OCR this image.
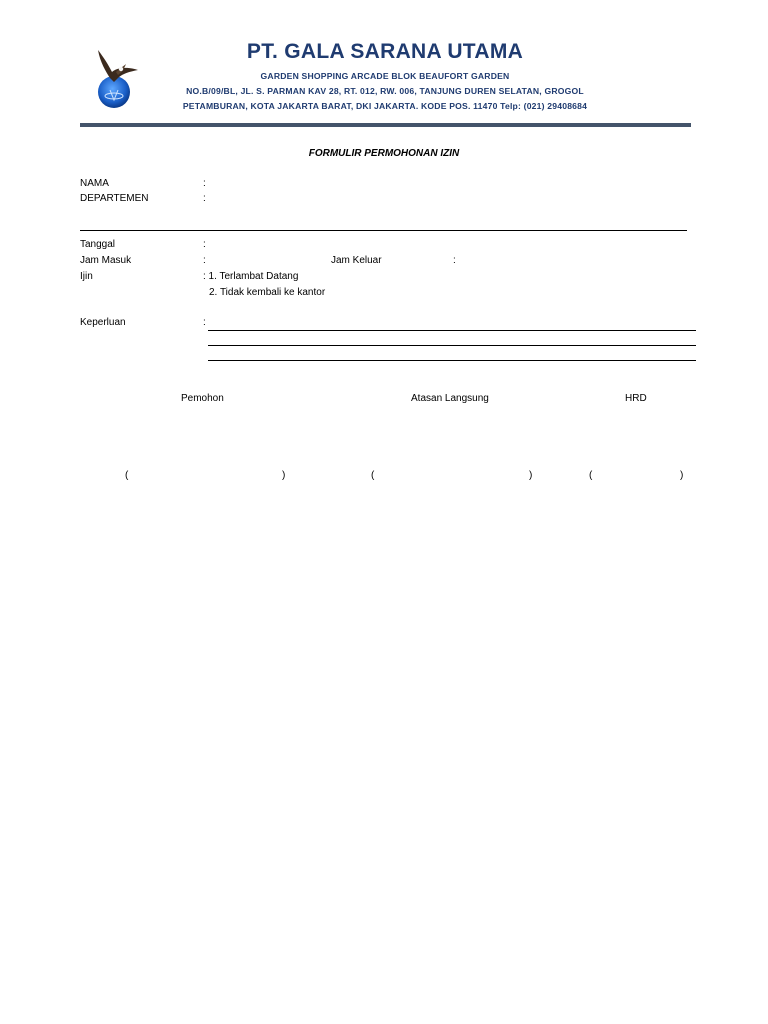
PT. GALA SARANA UTAMA
GARDEN SHOPPING ARCADE BLOK BEAUFORT GARDEN
NO.B/09/BL, JL. S. PARMAN KAV 28, RT. 012, RW. 006, TANJUNG DUREN SELATAN, GROGOL
PETAMBURAN, KOTA JAKARTA BARAT, DKI JAKARTA. KODE POS. 11470 Telp: (021) 29408684
FORMULIR PERMOHONAN IZIN
NAMA	:
DEPARTEMEN	:
Tanggal	:
Jam Masuk	:	Jam Keluar	:
Ijin	: 1. Terlambat Datang
2. Tidak kembali ke kantor
Keperluan	:
Pemohon	Atasan Langsung	HRD
(	)	(	)	(	)
